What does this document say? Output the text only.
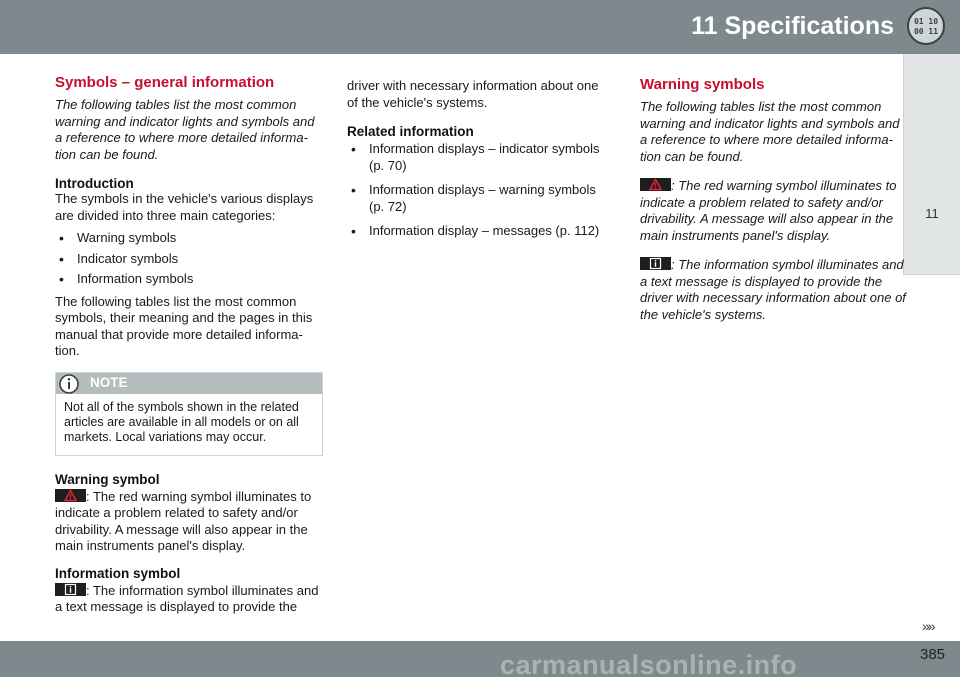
11 Specifications 01 10
00 11
11
Symbols – general information

The following tables list the most common warning and indicator lights and symbols and a reference to where more detailed informa-tion can be found.

Introduction

The symbols in the vehicle's various displays are divided into three main categories:

• Warning symbols
• Indicator symbols
• Information symbols

The following tables list the most common symbols, their meaning and the pages in this manual that provide more detailed informa-tion.

NOTE
Not all of the symbols shown in the related articles are available in all models or on all markets. Local variations may occur.
Warning symbol

: The red warning symbol illuminates to indicate a problem related to safety and/or drivability. A message will also appear in the main instruments panel's display.

Information symbol

: The information symbol illuminates and a text message is displayed to provide the

driver with necessary information about one of the vehicle's systems.

Related information
• Information displays – indicator symbols (p. 70)
• Information displays – warning symbols (p. 72)
• Information display – messages (p. 112)
Warning symbols

The following tables list the most common warning and indicator lights and symbols and a reference to where more detailed informa-tion can be found.

: The red warning symbol illuminates to indicate a problem related to safety and/or drivability. A message will also appear in the main instruments panel's display.

: The information symbol illuminates and a text message is displayed to provide the driver with necessary information about one of the vehicle's systems.

»»
carmanualsonline.info	385
